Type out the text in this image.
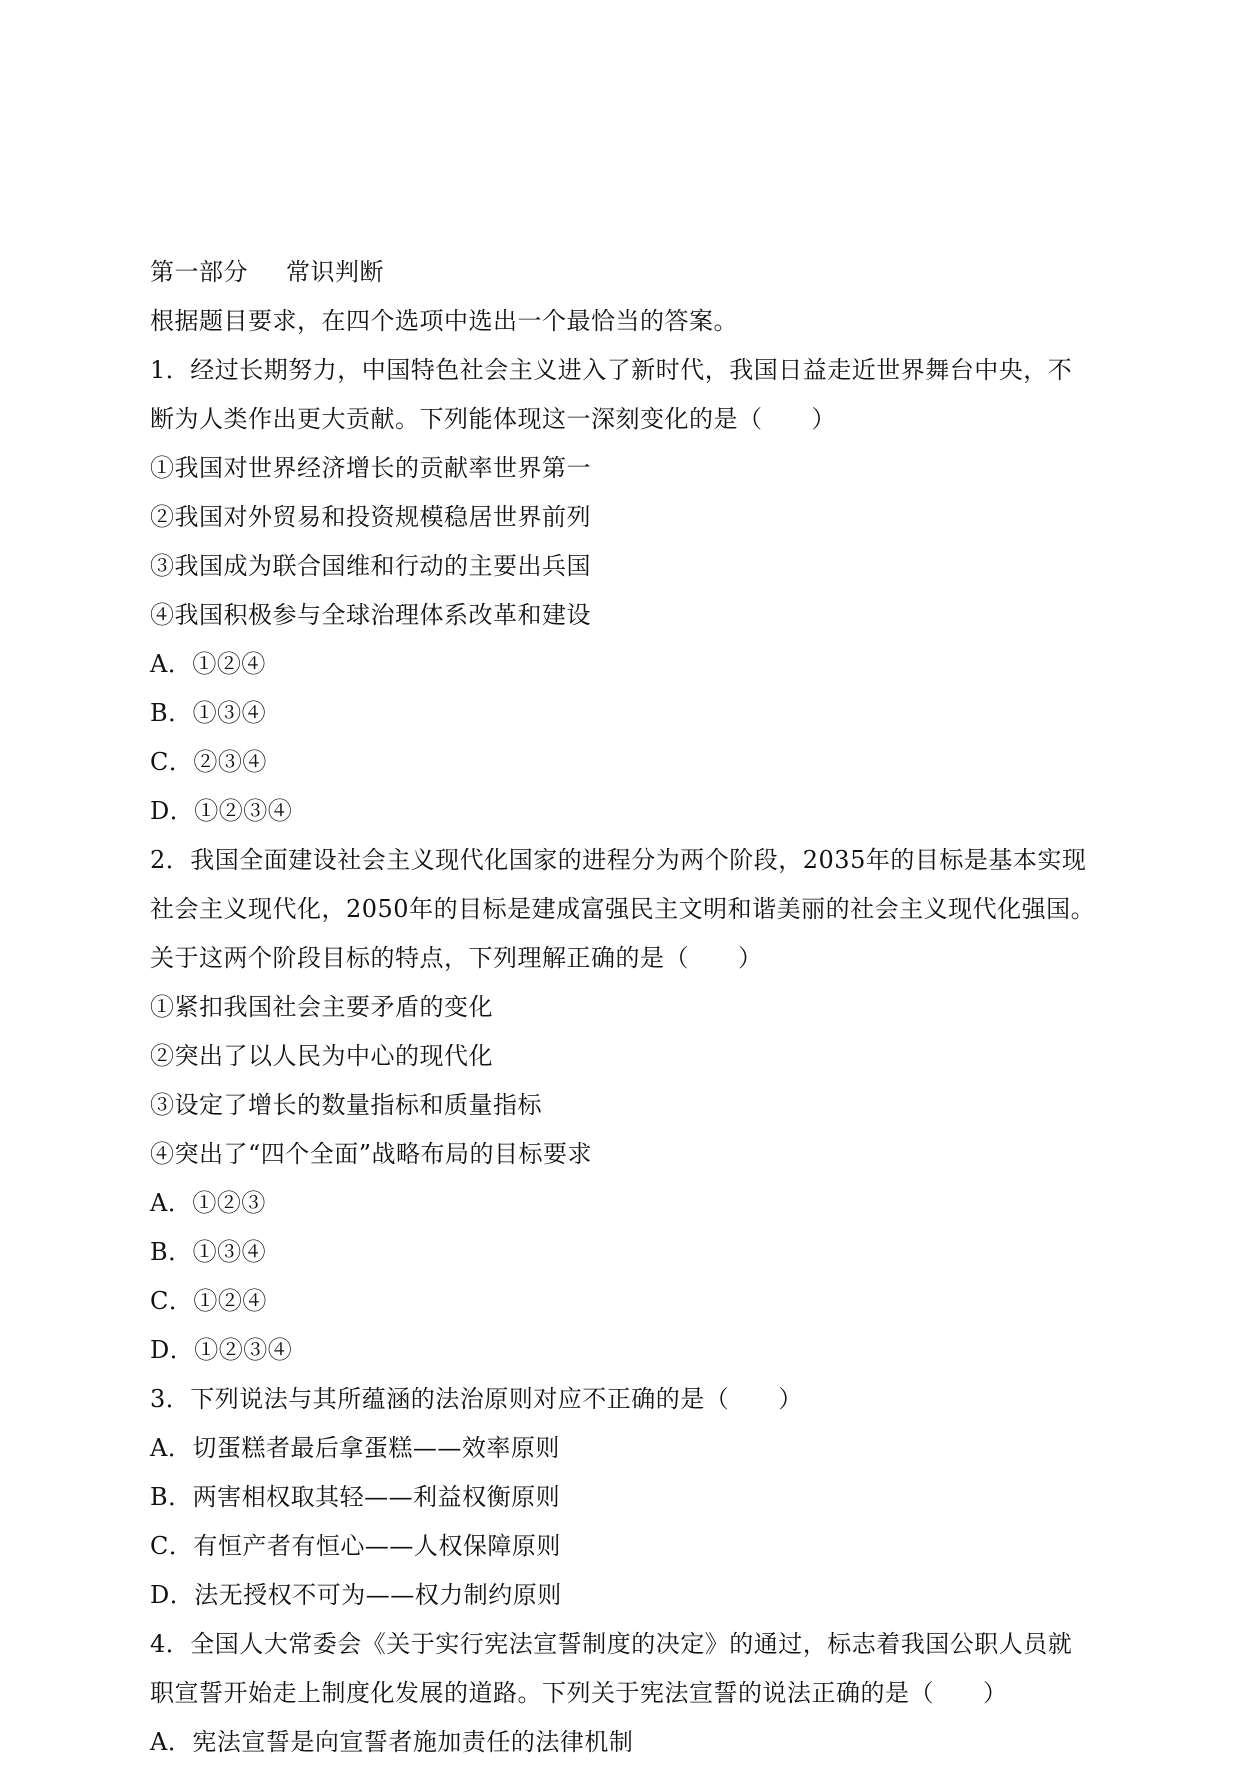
第一部分 常识判断
根据题目要求，在四个选项中选出一个最恰当的答案。
1．经过长期努力，中国特色社会主义进入了新时代，我国日益走近世界舞台中央，不
断为人类作出更大贡献。下列能体现这一深刻变化的是（　　）
①我国对世界经济增长的贡献率世界第一
②我国对外贸易和投资规模稳居世界前列
③我国成为联合国维和行动的主要出兵国
④我国积极参与全球治理体系改革和建设
A．①②④
B．①③④
C．②③④
D．①②③④
2．我国全面建设社会主义现代化国家的进程分为两个阶段，2035年的目标是基本实现
社会主义现代化，2050年的目标是建成富强民主文明和谐美丽的社会主义现代化强国。
关于这两个阶段目标的特点，下列理解正确的是（　　）
①紧扣我国社会主要矛盾的变化
②突出了以人民为中心的现代化
③设定了增长的数量指标和质量指标
④突出了“四个全面”战略布局的目标要求
A．①②③
B．①③④
C．①②④
D．①②③④
3．下列说法与其所蕴涵的法治原则对应不正确的是（　　）
A．切蛋糕者最后拿蛋糕——效率原则
B．两害相权取其轻——利益权衡原则
C．有恒产者有恒心——人权保障原则
D．法无授权不可为——权力制约原则
4．全国人大常委会《关于实行宪法宣誓制度的决定》的通过，标志着我国公职人员就
职宣誓开始走上制度化发展的道路。下列关于宪法宣誓的说法正确的是（　　）
A．宪法宣誓是向宣誓者施加责任的法律机制
